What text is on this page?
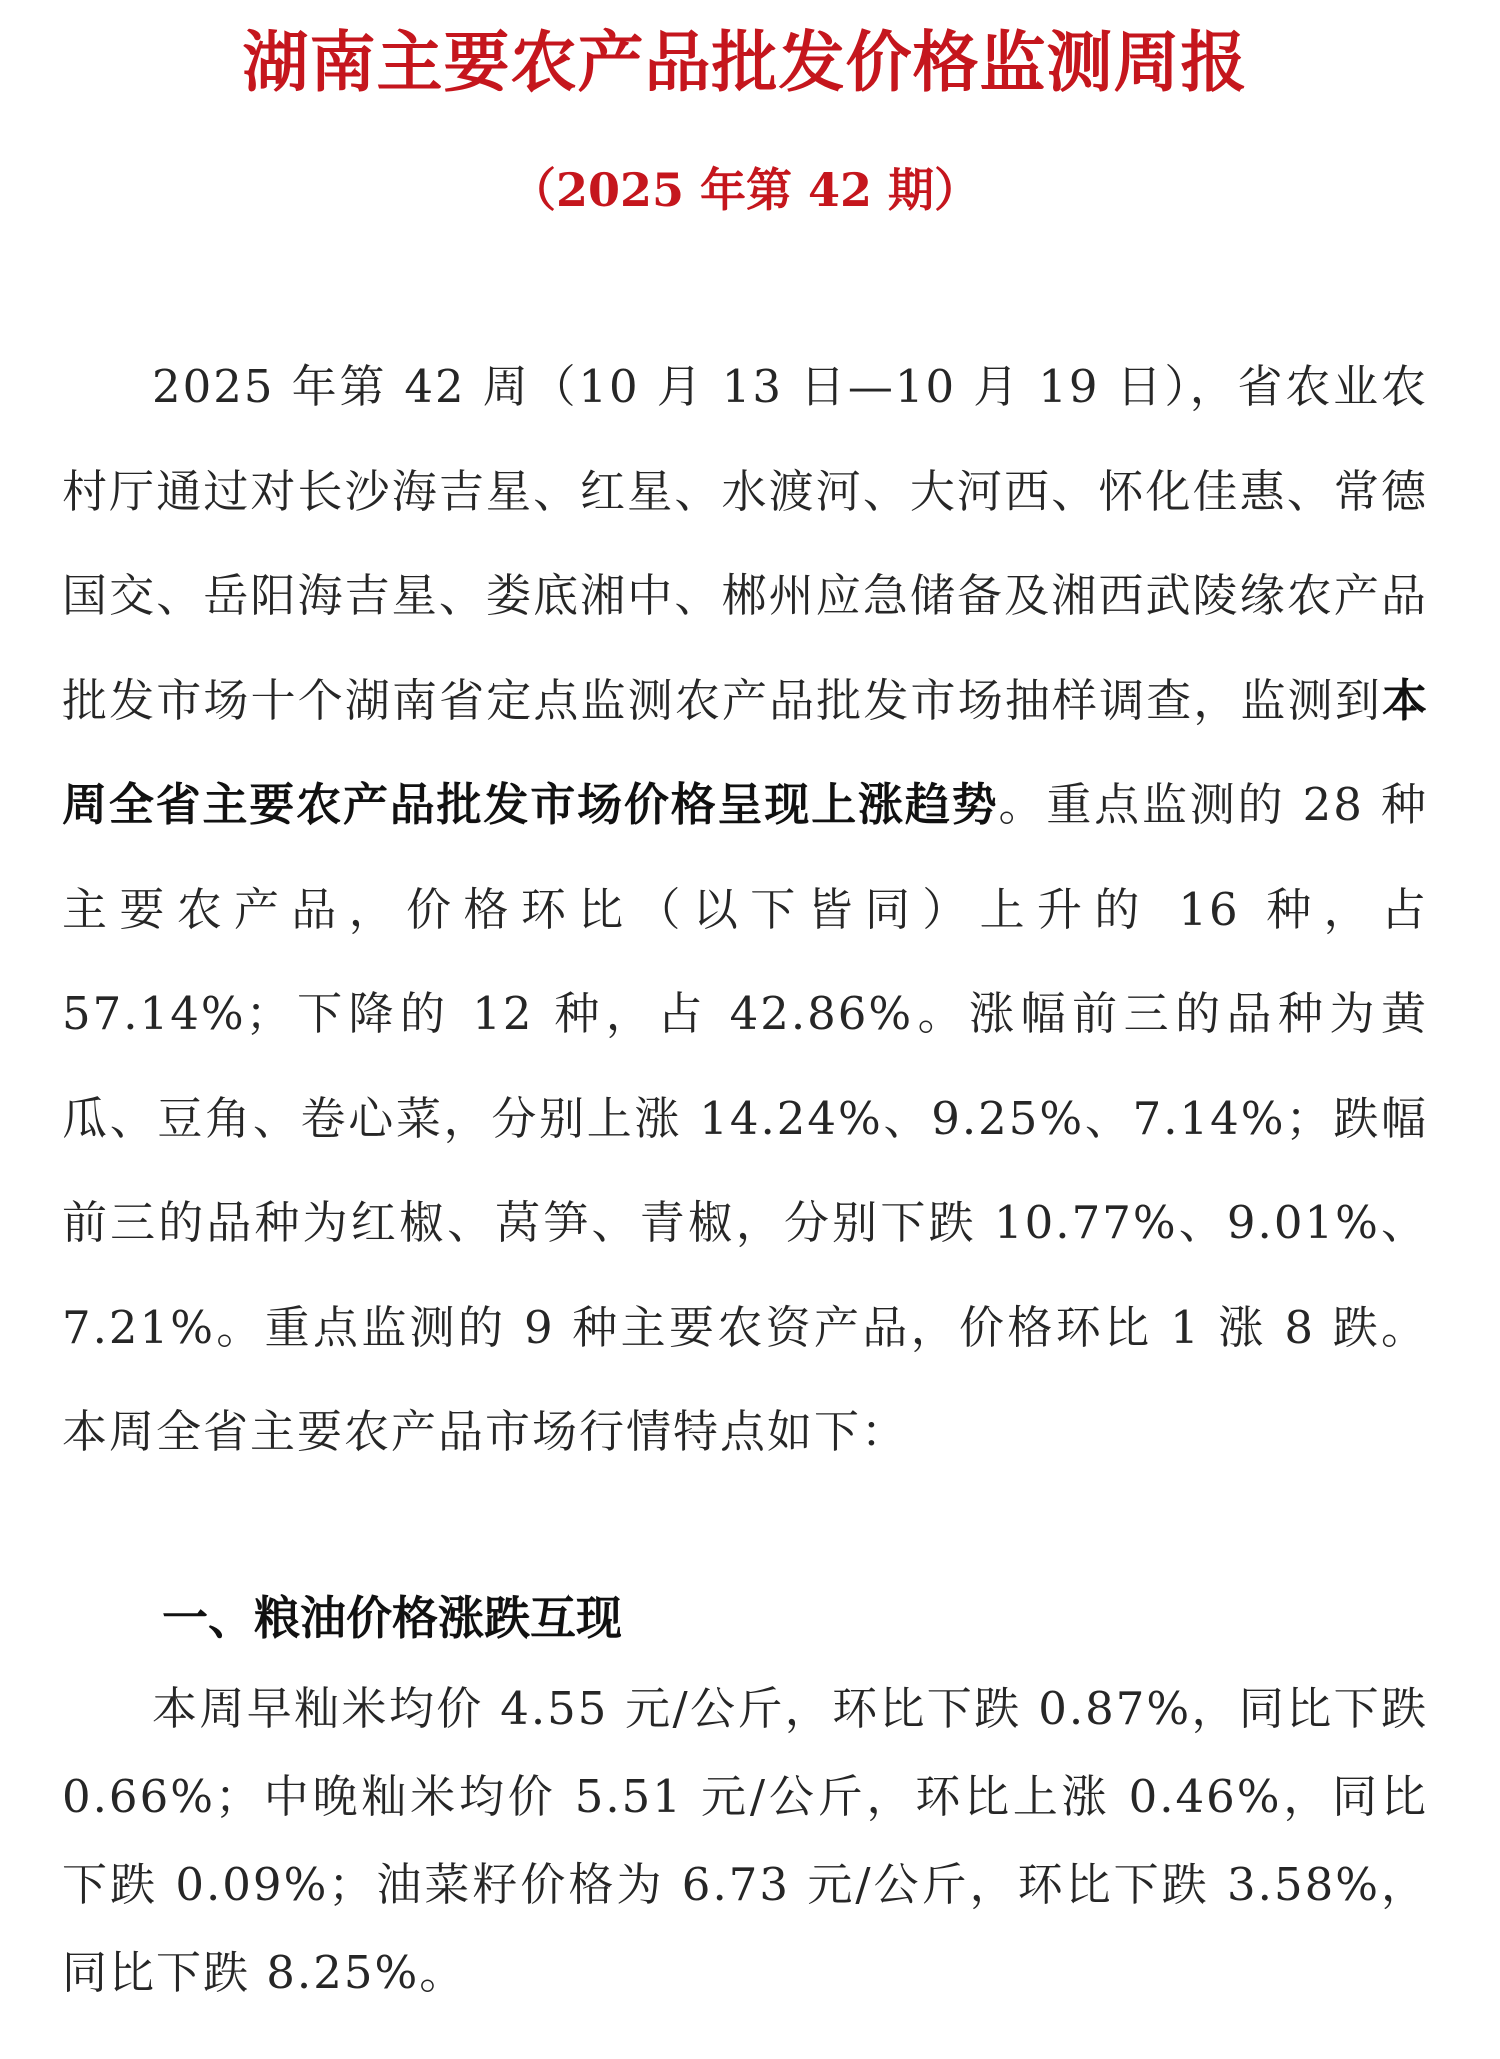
湖南主要农产品批发价格监测周报
（2025 年第 42 期）

2025 年第 42 周（10 月 13 日—10 月 19 日），省农业农村厅通过对长沙海吉星、红星、水渡河、大河西、怀化佳惠、常德国交、岳阳海吉星、娄底湘中、郴州应急储备及湘西武陵缘农产品批发市场十个湖南省定点监测农产品批发市场抽样调查，监测到本周全省主要农产品批发市场价格呈现上涨趋势。重点监测的 28 种主要农产品，价格环比（以下皆同）上升的 16 种，占 57.14%；下降的 12 种，占 42.86%。涨幅前三的品种为黄瓜、豆角、卷心菜，分别上涨 14.24%、9.25%、7.14%；跌幅前三的品种为红椒、莴笋、青椒，分别下跌 10.77%、9.01%、7.21%。重点监测的 9 种主要农资产品，价格环比 1 涨 8 跌。本周全省主要农产品市场行情特点如下：

一、粮油价格涨跌互现

本周早籼米均价 4.55 元/公斤，环比下跌 0.87%，同比下跌 0.66%；中晚籼米均价 5.51 元/公斤，环比上涨 0.46%，同比下跌 0.09%；油菜籽价格为 6.73 元/公斤，环比下跌 3.58%，同比下跌 8.25%。
